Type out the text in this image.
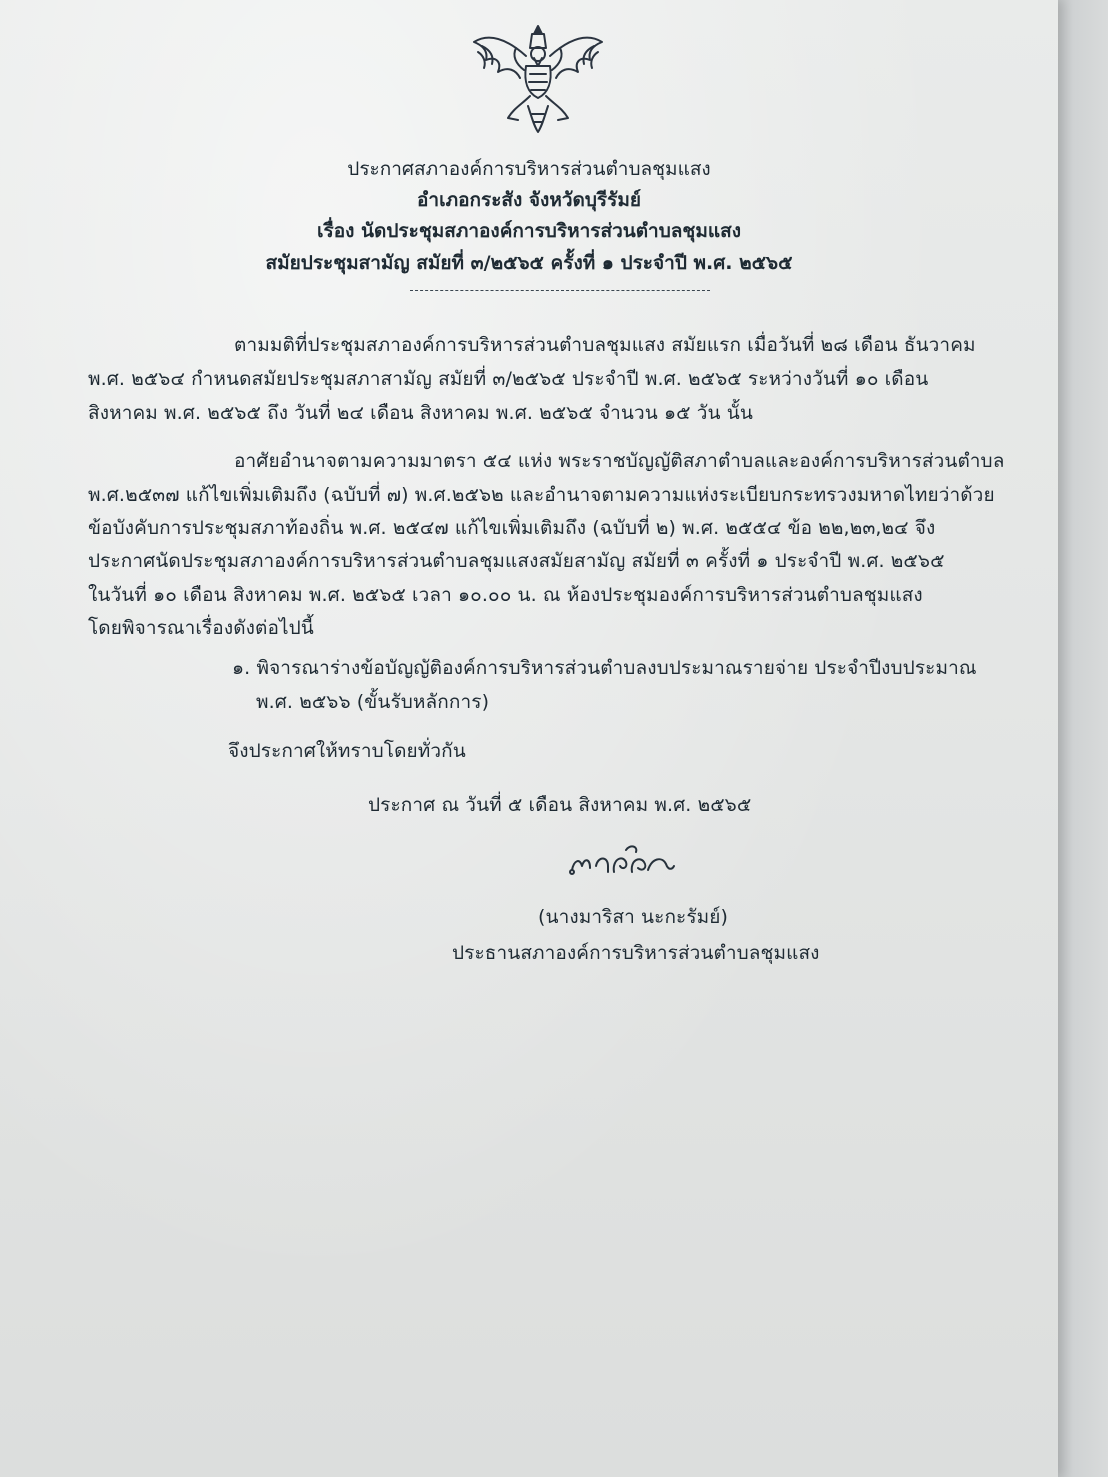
ประกาศสภาองค์การบริหารส่วนตำบลชุมแสง
อำเภอกระสัง จังหวัดบุรีรัมย์
เรื่อง นัดประชุมสภาองค์การบริหารส่วนตำบลชุมแสง
สมัยประชุมสามัญ สมัยที่ ๓/๒๕๖๕ ครั้งที่ ๑ ประจำปี พ.ศ. ๒๕๖๕
ตามมติที่ประชุมสภาองค์การบริหารส่วนตำบลชุมแสง สมัยแรก เมื่อวันที่ ๒๘ เดือน ธันวาคม
พ.ศ. ๒๕๖๔ กำหนดสมัยประชุมสภาสามัญ สมัยที่ ๓/๒๕๖๕ ประจำปี พ.ศ. ๒๕๖๕ ระหว่างวันที่ ๑๐ เดือน
สิงหาคม พ.ศ. ๒๕๖๕ ถึง วันที่ ๒๔ เดือน สิงหาคม พ.ศ. ๒๕๖๕ จำนวน ๑๕ วัน นั้น
อาศัยอำนาจตามความมาตรา ๕๔ แห่ง พระราชบัญญัติสภาตำบลและองค์การบริหารส่วนตำบล
พ.ศ.๒๕๓๗ แก้ไขเพิ่มเติมถึง (ฉบับที่ ๗) พ.ศ.๒๕๖๒ และอำนาจตามความแห่งระเบียบกระทรวงมหาดไทยว่าด้วย
ข้อบังคับการประชุมสภาท้องถิ่น พ.ศ. ๒๕๔๗ แก้ไขเพิ่มเติมถึง (ฉบับที่ ๒) พ.ศ. ๒๕๕๔ ข้อ ๒๒,๒๓,๒๔ จึง
ประกาศนัดประชุมสภาองค์การบริหารส่วนตำบลชุมแสงสมัยสามัญ สมัยที่ ๓ ครั้งที่ ๑ ประจำปี พ.ศ. ๒๕๖๕
ในวันที่ ๑๐ เดือน สิงหาคม พ.ศ. ๒๕๖๕ เวลา ๑๐.๐๐ น. ณ ห้องประชุมองค์การบริหารส่วนตำบลชุมแสง
โดยพิจารณาเรื่องดังต่อไปนี้
๑. พิจารณาร่างข้อบัญญัติองค์การบริหารส่วนตำบลงบประมาณรายจ่าย ประจำปีงบประมาณ
พ.ศ. ๒๕๖๖ (ขั้นรับหลักการ)
จึงประกาศให้ทราบโดยทั่วกัน
ประกาศ ณ วันที่ ๕ เดือน สิงหาคม พ.ศ. ๒๕๖๕
(นางมาริสา นะกะรัมย์)
ประธานสภาองค์การบริหารส่วนตำบลชุมแสง
